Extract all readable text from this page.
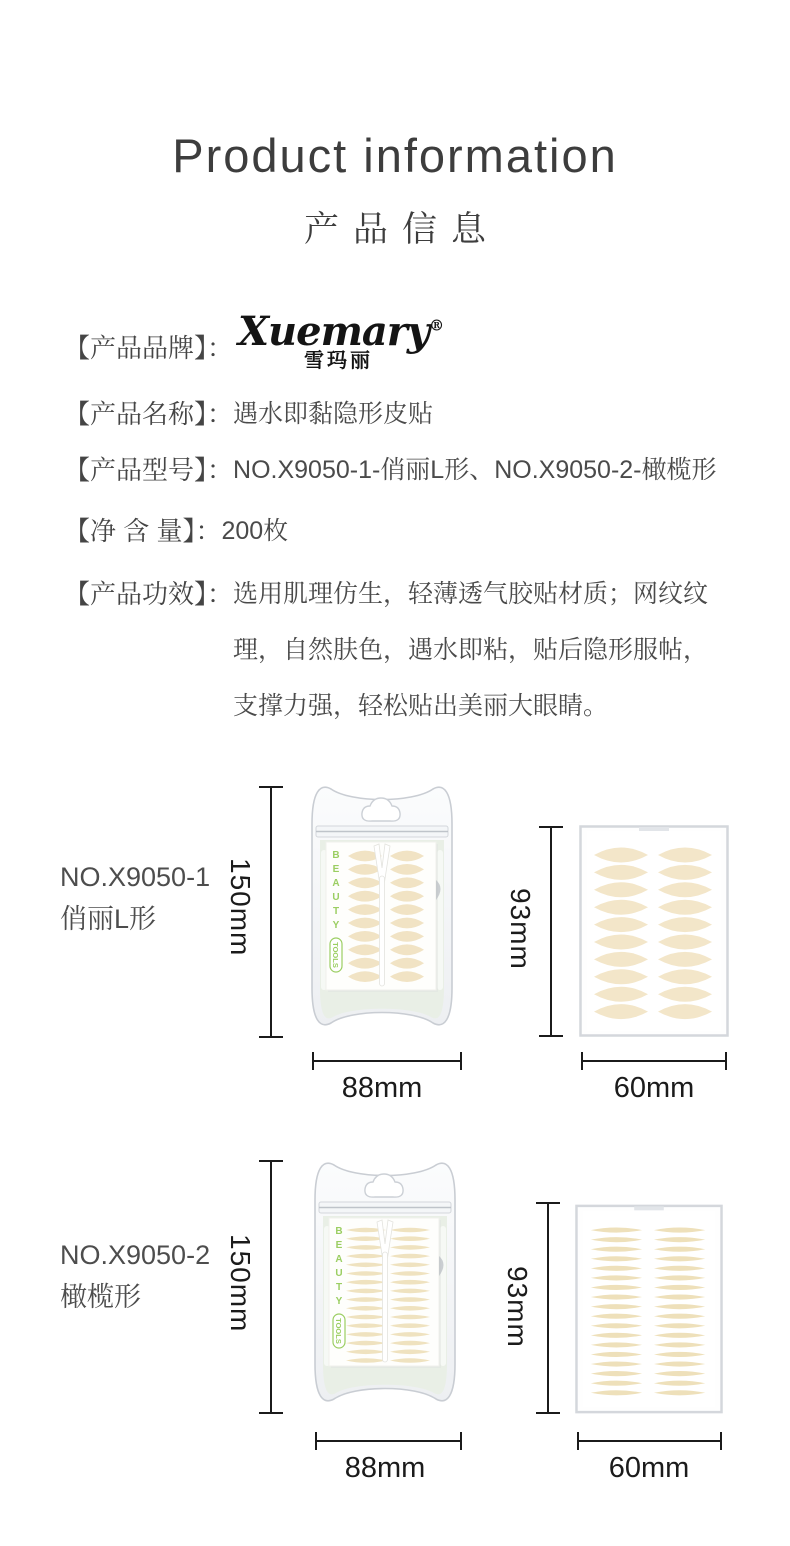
Product information
产品信息
【产品品牌】： Xuemary®
雪玛丽
【产品名称】： 遇水即黏隐形皮贴
【产品型号】： NO.X9050-1-俏丽L形、NO.X9050-2-橄榄形
【净 含 量】： 200枚
【产品功效】： 选用肌理仿生，轻薄透气胶贴材质；网纹纹理，自然肤色，遇水即粘，贴后隐形服帖，支撑力强，轻松贴出美丽大眼睛。
NO.X9050-1
俏丽L形	150mm
B
E
A
U
T
Y
TOOLS	93mm
88mm	60mm
NO.X9050-2
橄榄形	150mm
B
E
A
U
T
Y
TOOLS	93mm
88mm	60mm
